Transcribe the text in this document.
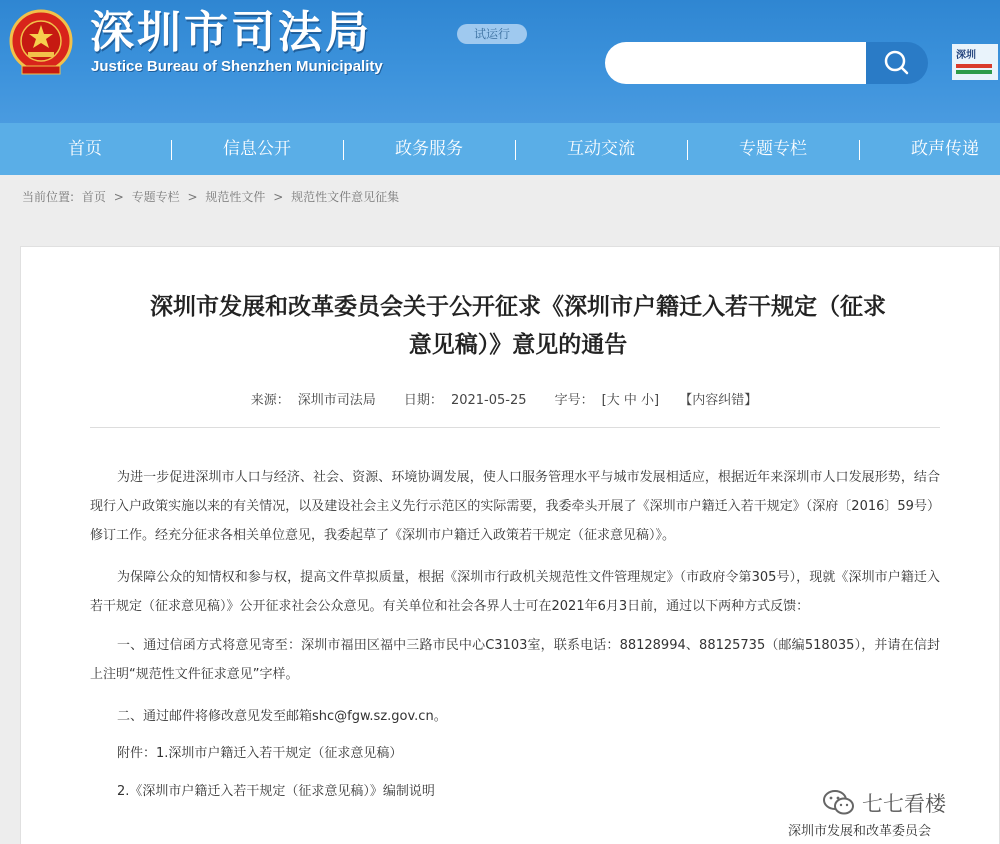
深圳市司法局
Justice Bureau of Shenzhen Municipality
试运行
深圳
首页	信息公开	政务服务	互动交流	专题专栏	政声传递
当前位置: 首页 > 专题专栏 > 规范性文件 > 规范性文件意见征集
深圳市发展和改革委员会关于公开征求《深圳市户籍迁入若干规定（征求
意见稿）》意见的通告
来源： 深圳市司法局 日期： 2021-05-25 字号： [大 中 小] 【内容纠错】
为进一步促进深圳市人口与经济、社会、资源、环境协调发展，使人口服务管理水平与城市发展相适应，根据近年来深圳市人口发展形势，结合现行入户政策实施以来的有关情况，以及建设社会主义先行示范区的实际需要，我委牵头开展了《深圳市户籍迁入若干规定》（深府〔2016〕59号）修订工作。经充分征求各相关单位意见，我委起草了《深圳市户籍迁入政策若干规定（征求意见稿）》。
为保障公众的知情权和参与权，提高文件草拟质量，根据《深圳市行政机关规范性文件管理规定》（市政府令第305号），现就《深圳市户籍迁入若干规定（征求意见稿）》公开征求社会公众意见。有关单位和社会各界人士可在2021年6月3日前，通过以下两种方式反馈：
一、通过信函方式将意见寄至：深圳市福田区福中三路市民中心C3103室，联系电话：88128994、88125735（邮编518035），并请在信封上注明“规范性文件征求意见”字样。
二、通过邮件将修改意见发至邮箱shc@fgw.sz.gov.cn。
附件：1.深圳市户籍迁入若干规定（征求意见稿）
2.《深圳市户籍迁入若干规定（征求意见稿）》编制说明
七七看楼
深圳市发展和改革委员会
